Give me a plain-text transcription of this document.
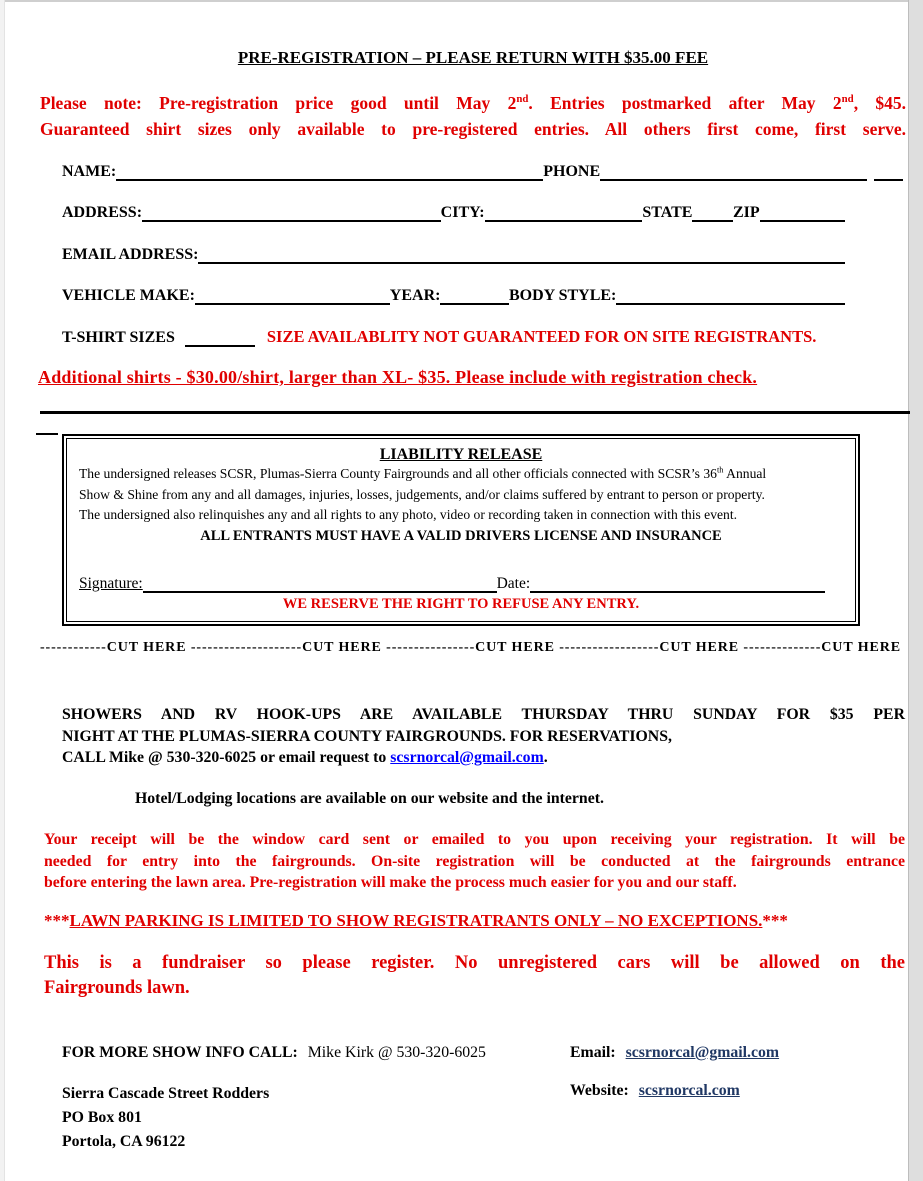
PRE-REGISTRATION – PLEASE RETURN WITH $35.00 FEE
Please note: Pre-registration price good until May 2nd. Entries postmarked after May 2nd, $45.
Guaranteed shirt sizes only available to pre-registered entries. All others first come, first serve.
NAME:	PHONE
ADDRESS:	CITY:	STATE	ZIP
EMAIL ADDRESS:
VEHICLE MAKE:	YEAR:	BODY STYLE:
T-SHIRT SIZES	SIZE AVAILABLITY NOT GUARANTEED FOR ON SITE REGISTRANTS.
Additional shirts - $30.00/shirt, larger than XL- $35. Please include with registration check.
LIABILITY RELEASE
The undersigned releases SCSR, Plumas-Sierra County Fairgrounds and all other officials connected with SCSR’s 36th Annual
Show & Shine from any and all damages, injuries, losses, judgements, and/or claims suffered by entrant to person or property.
The undersigned also relinquishes any and all rights to any photo, video or recording taken in connection with this event.
ALL ENTRANTS MUST HAVE A VALID DRIVERS LICENSE AND INSURANCE
Signature:	Date:
WE RESERVE THE RIGHT TO REFUSE ANY ENTRY.
------------CUT HERE --------------------CUT HERE ----------------CUT HERE ------------------CUT HERE --------------CUT HERE
SHOWERS AND RV HOOK-UPS ARE AVAILABLE THURSDAY THRU SUNDAY FOR $35 PER
NIGHT AT THE PLUMAS-SIERRA COUNTY FAIRGROUNDS. FOR RESERVATIONS,
CALL Mike @ 530-320-6025 or email request to scsrnorcal@gmail.com.
Hotel/Lodging locations are available on our website and the internet.
Your receipt will be the window card sent or emailed to you upon receiving your registration. It will be
needed for entry into the fairgrounds. On-site registration will be conducted at the fairgrounds entrance
before entering the lawn area. Pre-registration will make the process much easier for you and our staff.
***LAWN PARKING IS LIMITED TO SHOW REGISTRATRANTS ONLY – NO EXCEPTIONS.***
This is a fundraiser so please register. No unregistered cars will be allowed on the
Fairgrounds lawn.
FOR MORE SHOW INFO CALL: Mike Kirk @ 530-320-6025	Email: scsrnorcal@gmail.com
Sierra Cascade Street Rodders
PO Box 801
Portola, CA 96122
Website: scsrnorcal.com
